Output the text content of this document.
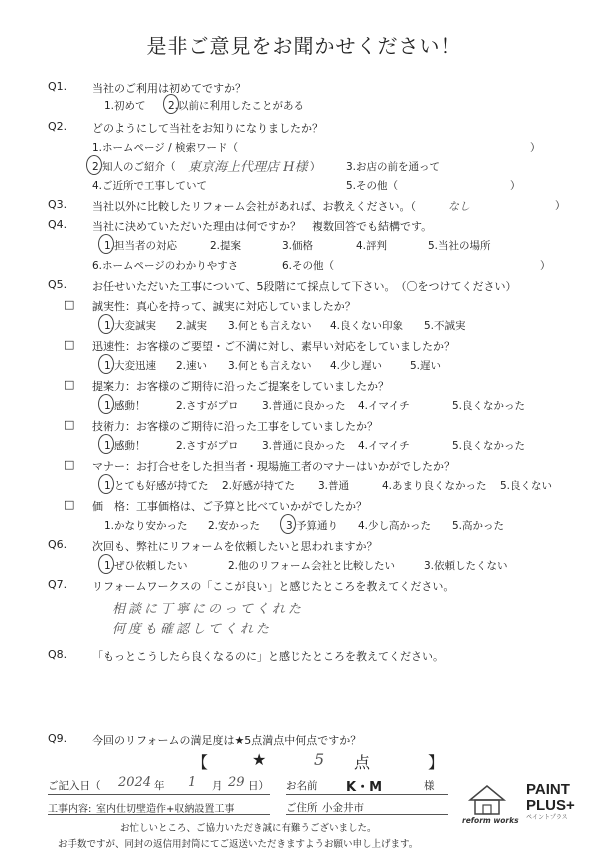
是非ご意見をお聞かせください！
Q1. 当社のご利用は初めてですか？
1.初めて 2.以前に利用したことがある
Q2. どのようにして当社をお知りになりましたか？
1.ホームページ / 検索ワード（	）
2.知人のご紹介（ 東京海上代理店 H様 ） 3.お店の前を通って
4.ご近所で工事していて	5.その他（	）
Q3. 当社以外に比較したリフォーム会社があれば、お教えください。（	なし	）
Q4. 当社に決めていただいた理由は何ですか？　複数回答でも結構です。
1.担当者の対応	2.提案	3.価格	4.評判	5.当社の場所
6.ホームページのわかりやすさ	6.その他（	）
Q5. お任せいただいた工事について、5段階にて採点して下さい。　（〇をつけてください）
□ 誠実性：真心を持って、誠実に対応していましたか？
1.大変誠実 2.誠実 3.何とも言えない 4.良くない印象 5.不誠実
□ 迅速性：お客様のご要望・ご不満に対し、素早い対応をしていましたか？
1.大変迅速 2.速い 3.何とも言えない 4.少し遅い	5.遅い
□ 提案力：お客様のご期待に沿ったご提案をしていましたか？
1.感動！	2.さすがプロ 3.普通に良かった 4.イマイチ	5.良くなかった
□ 技術力：お客様のご期待に沿った工事をしていましたか？
1.感動！	2.さすがプロ 3.普通に良かった 4.イマイチ	5.良くなかった
□ マナー：お打合せをした担当者・現場施工者のマナーはいかがでしたか？
1.とても好感が持てた 2.好感が持てた 3.普通	4.あまり良くなかった 5.良くない
□ 価　格：工事価格は、ご予算と比べていかがでしたか？
1.かなり安かった 2.安かった 3.予算通り 4.少し高かった 5.高かった
Q6. 次回も、弊社にリフォームを依頼したいと思われますか？
1.ぜひ依頼したい	2.他のリフォーム会社と比較したい	3.依頼したくない
Q7. リフォームワークスの「ここが良い」と感じたところを教えてください。
相談に丁寧にのってくれた
何度も確認してくれた
Q8. 「もっとこうしたら良くなるのに」と感じたところを教えてください。
Q9. 今回のリフォームの満足度は★5点満点中何点ですか？
【	★	5 点	】
ご記入日（ 2024 年 1 月 29 日） お名前 K・M	様
工事内容: 室内仕切壁造作+収納設置工事	ご住所 小金井市
お忙しいところ、ご協力いただき誠に有難うございました。
お手数ですが、同封の返信用封筒にてご返送いただきますようお願い申し上げます。
reform works
PAINT
PLUS+
ペイントプラス
